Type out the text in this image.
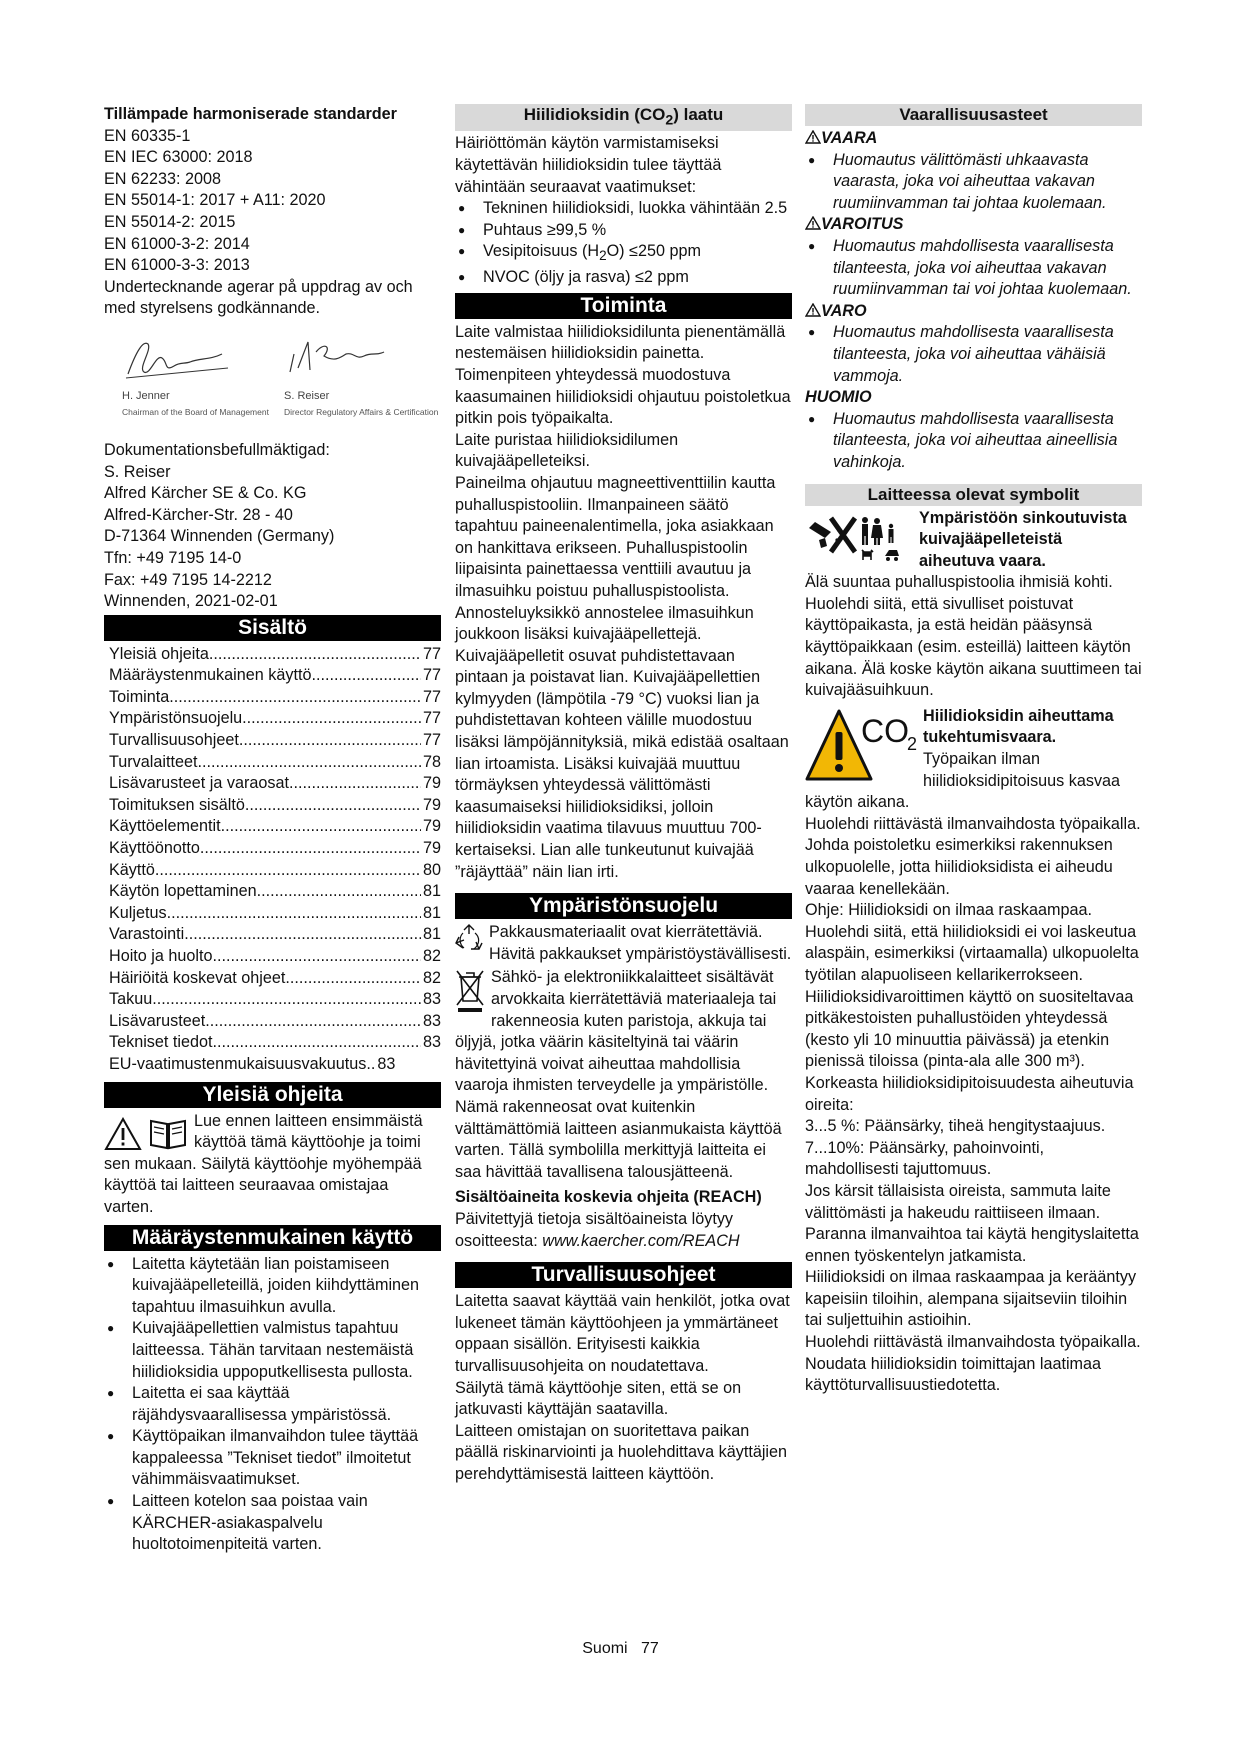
Tillämpade harmoniserade standarder

EN 60335-1

EN IEC 63000: 2018

EN 62233: 2008

EN 55014-1: 2017 + A11: 2020

EN 55014-2: 2015

EN 61000-3-2: 2014

EN 61000-3-3: 2013

Undertecknande agerar på uppdrag av och med styrelsens godkännande.

H. Jenner
Chairman of the Board of Management
S. Reiser
Director Regulatory Affairs & Certification

Dokumentationsbefullmäktigad:

S. Reiser

Alfred Kärcher SE & Co. KG

Alfred-Kärcher-Str. 28 - 40

D-71364 Winnenden (Germany)

Tfn: +49 7195 14-0

Fax: +49 7195 14-2212

Winnenden, 2021-02-01

Sisältö
Yleisiä ohjeita .....	77
Määräystenmukainen käyttö .....	77
Toiminta .....	77
Ympäristönsuojelu .....	77
Turvallisuusohjeet .....	77
Turvalaitteet .....	78
Lisävarusteet ja varaosat .....	79
Toimituksen sisältö .....	79
Käyttöelementit .....	79
Käyttöönotto .....	79
Käyttö .....	80
Käytön lopettaminen .....	81
Kuljetus .....	81
Varastointi .....	81
Hoito ja huolto .....	82
Häiriöitä koskevat ohjeet .....	82
Takuu .....	83
Lisävarusteet .....	83
Tekniset tiedot .....	83
EU-vaatimustenmukaisuusvakuutus.. 83
Yleisiä ohjeita

Lue ennen laitteen ensimmäistä käyttöä tämä käyttöohje ja toimi sen mukaan. Säilytä käyttöohje myöhempää käyttöä tai laitteen seuraavaa omistajaa varten.

Määräystenmukainen käyttö
● Laitetta käytetään lian poistamiseen kuivajääpelleteillä, joiden kiihdyttäminen tapahtuu ilmasuihkun avulla.
● Kuivajääpellettien valmistus tapahtuu laitteessa. Tähän tarvitaan nestemäistä hiilidioksidia uppoputkellisesta pullosta.
● Laitetta ei saa käyttää räjähdysvaarallisessa ympäristössä.
● Käyttöpaikan ilmanvaihdon tulee täyttää kappaleessa ”Tekniset tiedot” ilmoitetut vähimmäisvaatimukset.
● Laitteen kotelon saa poistaa vain KÄRCHER-asiakaspalvelu huoltotoimenpiteitä varten.
Hiilidioksidin $(CO_2)$ laatu

Häiriöttömän käytön varmistamiseksi käytettävän hiilidioksidin tulee täyttää vähintään seuraavat vaatimukset:

● Tekninen hiilidioksidi, luokka vähintään 2.5
● Puhtaus ≥99,5 %
● Vesipitoisuus $(H_2O) \le 250$ ppm
● NVOC (öljy ja rasva) ≤2 ppm
Toiminta

Laite valmistaa hiilidioksidilunta pienentämällä nestemäisen hiilidioksidin painetta. Toimenpiteen yhteydessä muodostuva kaasumainen hiilidioksidi ohjautuu poistoletkua pitkin pois työpaikalta.

Laite puristaa hiilidioksidilumen kuivajääpelleteiksi.

Paineilma ohjautuu magneettiventtiilin kautta puhalluspistooliin. Ilmanpaineen säätö tapahtuu paineenalentimella, joka asiakkaan on hankittava erikseen. Puhalluspistoolin liipaisinta painettaessa venttiili avautuu ja ilmasuihku poistuu puhalluspistoolista. Annosteluyksikkö annostelee ilmasuihkun joukkoon lisäksi kuivajääpellettejä.

Kuivajääpelletit osuvat puhdistettavaan pintaan ja poistavat lian. Kuivajääpellettien kylmyyden (lämpötila -79 °C) vuoksi lian ja puhdistettavan kohteen välille muodostuu lisäksi lämpöjännityksiä, mikä edistää osaltaan lian irtoamista. Lisäksi kuivajää muuttuu törmäyksen yhteydessä välittömästi kaasumaiseksi hiilidioksidiksi, jolloin hiilidioksidin vaatima tilavuus muuttuu 700-kertaiseksi. Lian alle tunkeutunut kuivajää ”räjäyttää” näin lian irti.

Ympäristönsuojelu

Pakkausmateriaalit ovat kierrätettäviä. Hävitä pakkaukset ympäristöystävällisesti.

Sähkö- ja elektroniikkalaitteet sisältävät arvokkaita kierrätettäviä materiaaleja tai rakenneosia kuten paristoja, akkuja tai öljyjä, jotka väärin käsiteltyinä tai väärin hävitettyinä voivat aiheuttaa mahdollisia vaaroja ihmisten terveydelle ja ympäristölle. Nämä rakenneosat ovat kuitenkin välttämättömiä laitteen asianmukaista käyttöä varten. Tällä symbolilla merkittyjä laitteita ei saa hävittää tavallisena talousjätteenä.

Sisältöaineita koskevia ohjeita (REACH)

Päivitettyjä tietoja sisältöaineista löytyy osoitteesta: www.kaercher.com/REACH

Turvallisuusohjeet

Laitetta saavat käyttää vain henkilöt, jotka ovat lukeneet tämän käyttöohjeen ja ymmärtäneet oppaan sisällön. Erityisesti kaikkia turvallisuusohjeita on noudatettava.

Säilytä tämä käyttöohje siten, että se on jatkuvasti käyttäjän saatavilla.

Laitteen omistajan on suoritettava paikan päällä riskinarviointi ja huolehdittava käyttäjien perehdyttämisestä laitteen käyttöön.

Vaarallisuusasteet

VAARA

● Huomautus välittömästi uhkaavasta vaarasta, joka voi aiheuttaa vakavan ruumiinvamman tai johtaa kuolemaan.

VAROITUS

● Huomautus mahdollisesta vaarallisesta tilanteesta, joka voi aiheuttaa vakavan ruumiinvamman tai voi johtaa kuolemaan.

VARO

● Huomautus mahdollisesta vaarallisesta tilanteesta, joka voi aiheuttaa vähäisiä vammoja.

HUOMIO

● Huomautus mahdollisesta vaarallisesta tilanteesta, joka voi aiheuttaa aineellisia vahinkoja.
Laitteessa olevat symbolit

Ympäristöön sinkoutuvista kuivajääpelleteistä aiheutuva vaara.

Älä suuntaa puhalluspistoolia ihmisiä kohti. Huolehdi siitä, että sivulliset poistuvat käyttöpaikasta, ja estä heidän pääsynsä käyttöpaikkaan (esim. esteillä) laitteen käytön aikana. Älä koske käytön aikana suuttimeen tai kuivajääsuihkuun.

CO
2

Hiilidioksidin aiheuttama tukehtumisvaara.

Työpaikan ilman hiilidioksidipitoisuus kasvaa käytön aikana.

Huolehdi riittävästä ilmanvaihdosta työpaikalla.

Johda poistoletku esimerkiksi rakennuksen ulkopuolelle, jotta hiilidioksidista ei aiheudu vaaraa kenellekään.

Ohje: Hiilidioksidi on ilmaa raskaampaa. Huolehdi siitä, että hiilidioksidi ei voi laskeutua alaspäin, esimerkiksi (virtaamalla) ulkopuolelta työtilan alapuoliseen kellarikerrokseen.

Hiilidioksidivaroittimen käyttö on suositeltavaa pitkäkestoisten puhallustöiden yhteydessä (kesto yli 10 minuuttia päivässä) ja etenkin pienissä tiloissa (pinta-ala alle 300 m³).

Korkeasta hiilidioksidipitoisuudesta aiheutuvia oireita:

3...5 %: Päänsärky, tiheä hengitystaajuus.

7...10%: Päänsärky, pahoinvointi, mahdollisesti tajuttomuus.

Jos kärsit tällaisista oireista, sammuta laite välittömästi ja hakeudu raittiiseen ilmaan. Paranna ilmanvaihtoa tai käytä hengityslaitetta ennen työskentelyn jatkamista.

Hiilidioksidi on ilmaa raskaampaa ja kerääntyy kapeisiin tiloihin, alempana sijaitseviin tiloihin tai suljettuihin astioihin.

Huolehdi riittävästä ilmanvaihdosta työpaikalla.

Noudata hiilidioksidin toimittajan laatimaa käyttöturvallisuustiedotetta.

Suomi 77
